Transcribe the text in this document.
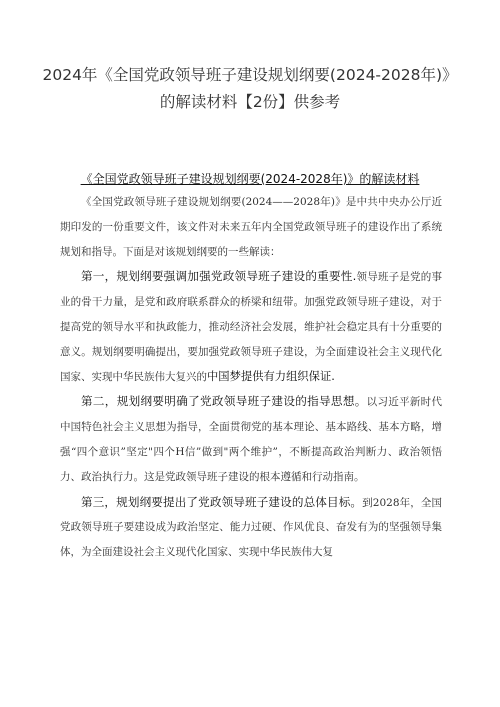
2024年《全国党政领导班子建设规划纲要(2024-2028年)》的解读材料【2份】供参考
《全国党政领导班子建设规划纲要(2024-2028年)》的解读材料

《全国党政领导班子建设规划纲要(2024——2028年)》是中共中央办公厅近期印发的一份重要文件，该文件对未来五年内全国党政领导班子的建设作出了系统规划和指导。下面是对该规划纲要的一些解读：

第一，规划纲要强调加强党政领导班子建设的重要性.领导班子是党的事业的骨干力量，是党和政府联系群众的桥梁和纽带。加强党政领导班子建设，对于提高党的领导水平和执政能力，推动经济社会发展，维护社会稳定具有十分重要的意义。规划纲要明确提出，要加强党政领导班子建设，为全面建设社会主义现代化国家、实现中华民族伟大复兴的中国梦提供有力组织保证.

第二，规划纲要明确了党政领导班子建设的指导思想。以习近平新时代中国特色社会主义思想为指导，全面贯彻党的基本理论、基本路线、基本方略，增强“四个意识”坚定"四个H信”做到"两个维护”，不断提高政治判断力、政治领悟力、政治执行力。这是党政领导班子建设的根本遵循和行动指南。

第三，规划纲要提出了党政领导班子建设的总体目标。到2028年，全国党政领导班子要建设成为政治坚定、能力过硬、作风优良、奋发有为的坚强领导集体，为全面建设社会主义现代化国家、实现中华民族伟大复
